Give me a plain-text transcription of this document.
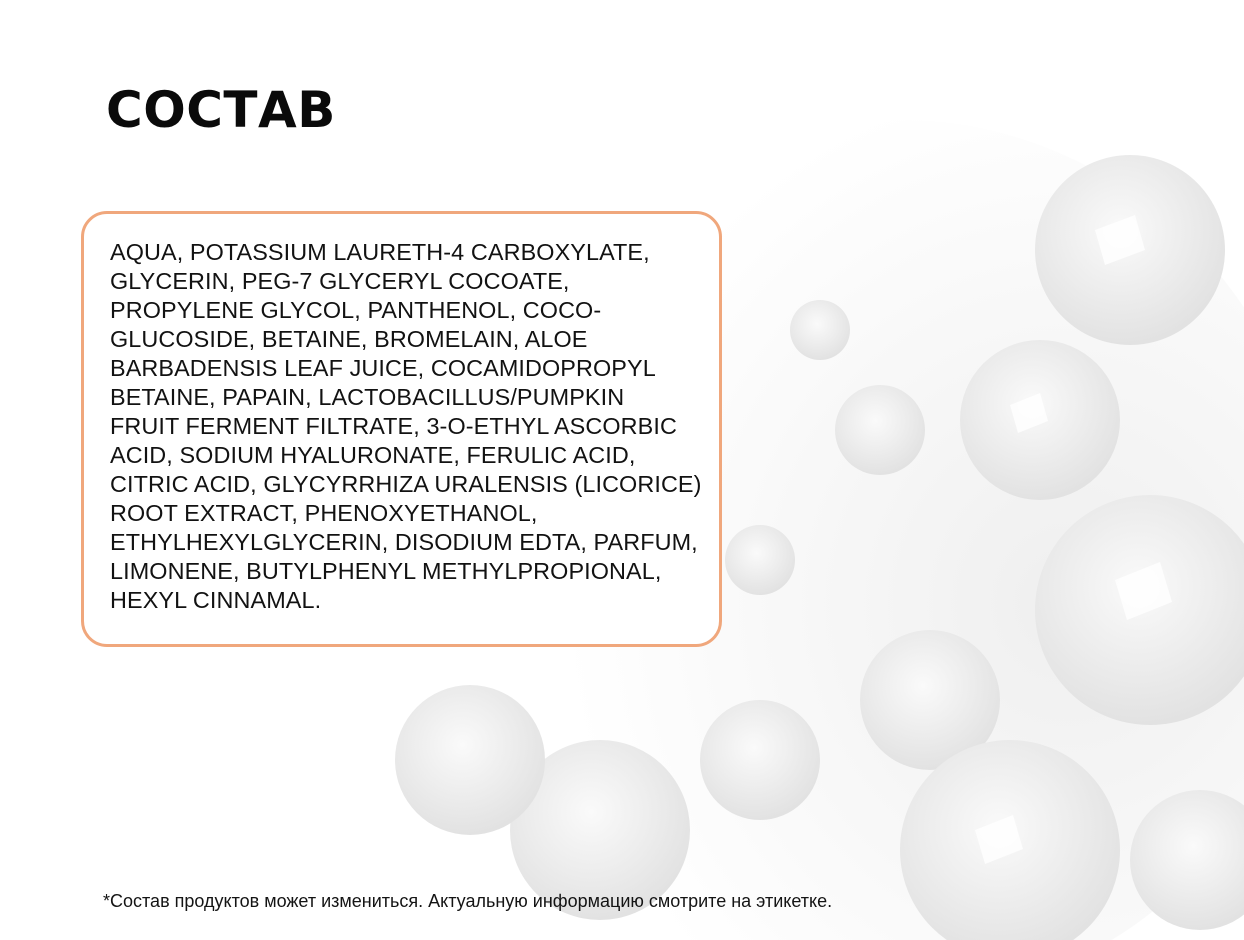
СОСТАВ

AQUA, POTASSIUM LAURETH-4 CARBOXYLATE,
GLYCERIN, PEG-7 GLYCERYL COCOATE,
PROPYLENE GLYCOL, PANTHENOL, COCO-
GLUCOSIDE, BETAINE, BROMELAIN, ALOE
BARBADENSIS LEAF JUICE, COCAMIDOPROPYL
BETAINE, PAPAIN, LACTOBACILLUS/PUMPKIN
FRUIT FERMENT FILTRATE, 3-O-ETHYL ASCORBIC
ACID, SODIUM HYALURONATE, FERULIC ACID,
CITRIC ACID, GLYCYRRHIZA URALENSIS (LICORICE)
ROOT EXTRACT, PHENOXYETHANOL,
ETHYLHEXYLGLYCERIN, DISODIUM EDTA, PARFUM,
LIMONENE, BUTYLPHENYL METHYLPROPIONAL,
HEXYL CINNAMAL.

*Состав продуктов может измениться. Актуальную информацию смотрите на этикетке.
